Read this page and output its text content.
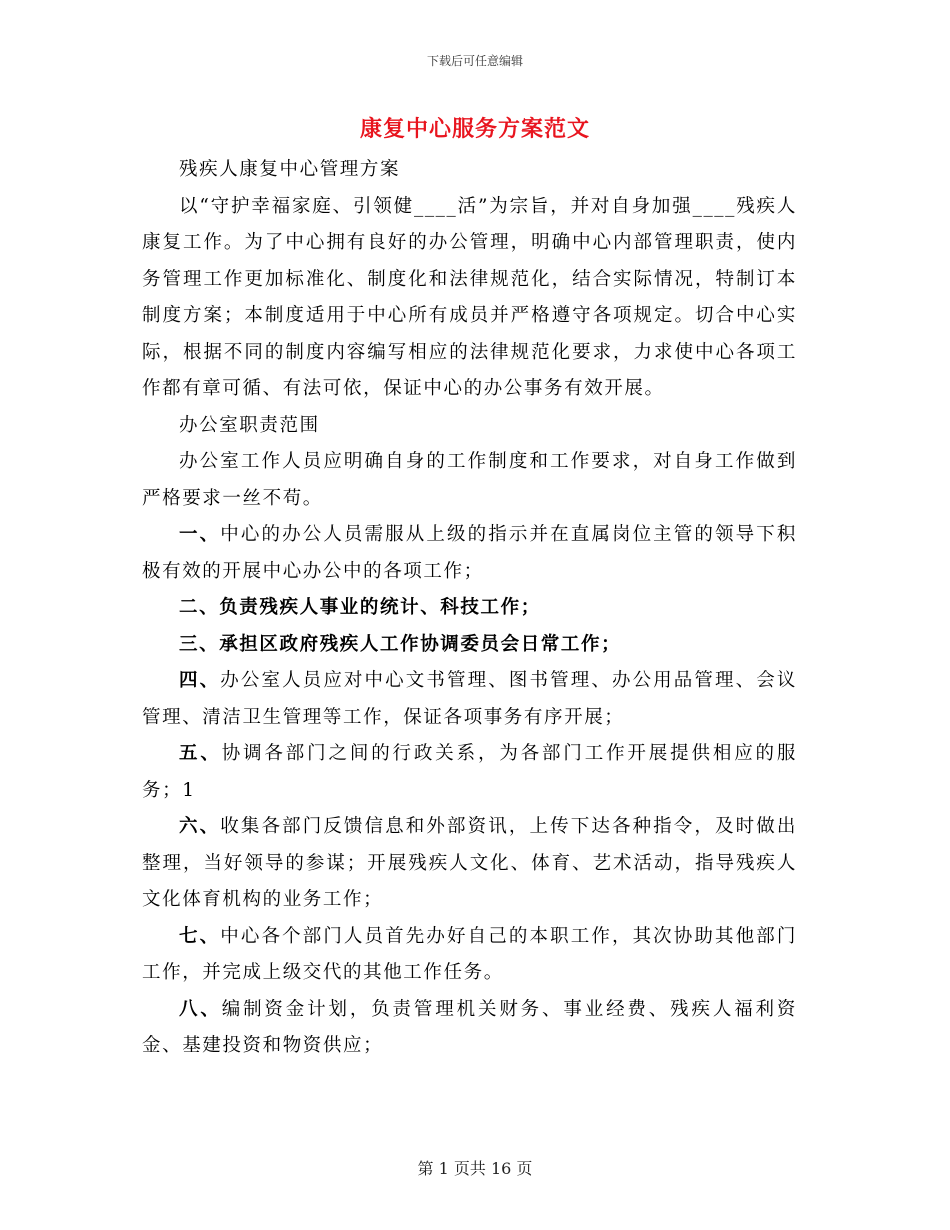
下载后可任意编辑
康复中心服务方案范文

残疾人康复中心管理方案

以“守护幸福家庭、引领健____活”为宗旨，并对自身加强____残疾人康复工作。为了中心拥有良好的办公管理，明确中心内部管理职责，使内务管理工作更加标准化、制度化和法律规范化，结合实际情况，特制订本制度方案；本制度适用于中心所有成员并严格遵守各项规定。切合中心实际，根据不同的制度内容编写相应的法律规范化要求，力求使中心各项工作都有章可循、有法可依，保证中心的办公事务有效开展。

办公室职责范围

办公室工作人员应明确自身的工作制度和工作要求，对自身工作做到严格要求一丝不苟。

一、中心的办公人员需服从上级的指示并在直属岗位主管的领导下积极有效的开展中心办公中的各项工作；

二、负责残疾人事业的统计、科技工作；

三、承担区政府残疾人工作协调委员会日常工作；

四、办公室人员应对中心文书管理、图书管理、办公用品管理、会议管理、清洁卫生管理等工作，保证各项事务有序开展；

五、协调各部门之间的行政关系，为各部门工作开展提供相应的服务；1

六、收集各部门反馈信息和外部资讯，上传下达各种指令，及时做出整理，当好领导的参谋；开展残疾人文化、体育、艺术活动，指导残疾人文化体育机构的业务工作；

七、中心各个部门人员首先办好自己的本职工作，其次协助其他部门工作，并完成上级交代的其他工作任务。

八、编制资金计划，负责管理机关财务、事业经费、残疾人福利资金、基建投资和物资供应；

第 1 页共 16 页
